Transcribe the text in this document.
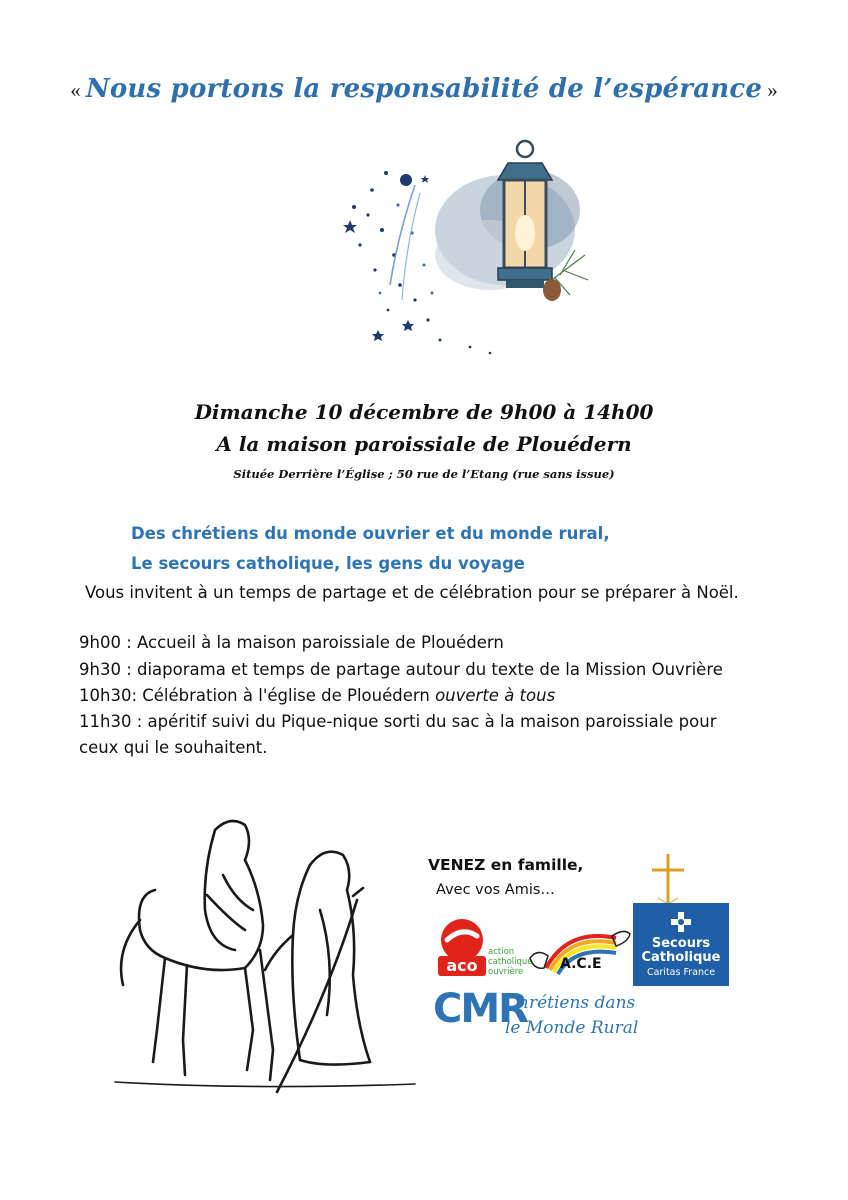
« Nous portons la responsabilité de l’espérance »
Dimanche 10 décembre de 9h00 à 14h00
A la maison paroissiale de Plouédern
Située Derrière l’Église ; 50 rue de l’Etang (rue sans issue)
Des chrétiens du monde ouvrier et du monde rural,
Le secours catholique, les gens du voyage
Vous invitent à un temps de partage et de célébration pour se préparer à Noël.
9h00 : Accueil à la maison paroissiale de Plouédern
9h30 : diaporama et temps de partage autour du texte de la Mission Ouvrière
10h30: Célébration à l'église de Plouédern ouverte à tous
11h30 : apéritif suivi du Pique-nique sorti du sac à la maison paroissiale pour
ceux qui le souhaitent.
VENEZ en famille,
Avec vos Amis…
Secours
Catholique
Caritas France
aco
action
catholique
ouvrière	A.C.E
CMR
Chrétiens dans
le Monde Rural
